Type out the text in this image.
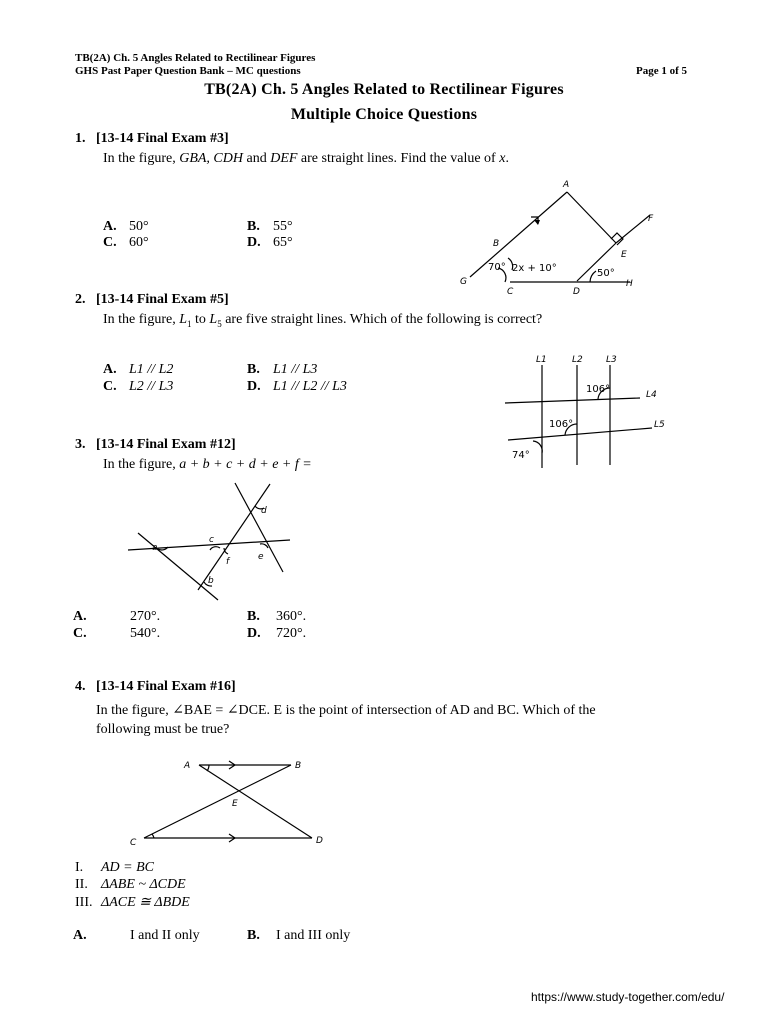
TB(2A) Ch. 5 Angles Related to Rectilinear Figures
GHS Past Paper Question Bank – MC questions	Page 1 of 5
TB(2A) Ch. 5 Angles Related to Rectilinear Figures
Multiple Choice Questions
1. [13-14 Final Exam #3]
In the figure, GBA, CDH and DEF are straight lines. Find the value of x.
A. 50°	B. 55°
C. 60°	D. 65°
A
B
C	D
E
F
G	H
70° 2x + 10°	50°
2. [13-14 Final Exam #5]
In the figure, $L_1$ to $L_5$ are five straight lines. Which of the following is correct?
A. L1 // L2	B. L1 // L3
C. L2 // L3	D. L1 // L2 // L3
L1	L2	L3
L4
L5
106°
106°
74°
3. [13-14 Final Exam #12]
In the figure, a + b + c + d + e + f =
a
b
c
d
e
f
A.	270°.	B. 360°.
C.	540°.	D. 720°.
4. [13-14 Final Exam #16]
In the figure, ∠BAE = ∠DCE. E is the point of intersection of AD and BC. Which of the
following must be true?
A	B
C	D
E
I. AD = BC
II. ΔABE ~ ΔCDE
III. ΔACE ≅ ΔBDE
A.	I and II only	B. I and III only
https://www.study-together.com/edu/
